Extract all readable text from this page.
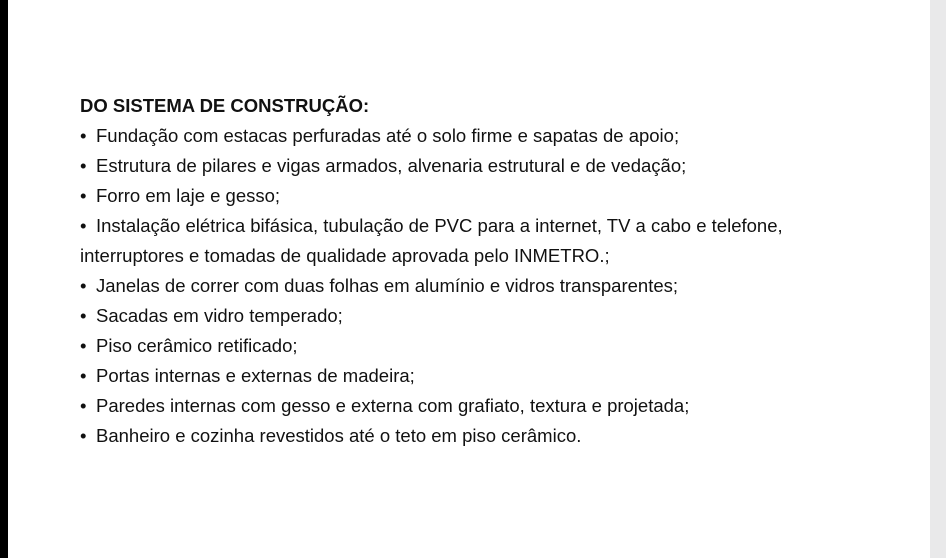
DO SISTEMA DE CONSTRUÇÃO:
• Fundação com estacas perfuradas até o solo firme e sapatas de apoio;
• Estrutura de pilares e vigas armados, alvenaria estrutural e de vedação;
• Forro em laje e gesso;
• Instalação elétrica bifásica, tubulação de PVC para a internet, TV a cabo e telefone,
interruptores e tomadas de qualidade aprovada pelo INMETRO.;
• Janelas de correr com duas folhas em alumínio e vidros transparentes;
• Sacadas em vidro temperado;
• Piso cerâmico retificado;
• Portas internas e externas de madeira;
• Paredes internas com gesso e externa com grafiato, textura e projetada;
• Banheiro e cozinha revestidos até o teto em piso cerâmico.
